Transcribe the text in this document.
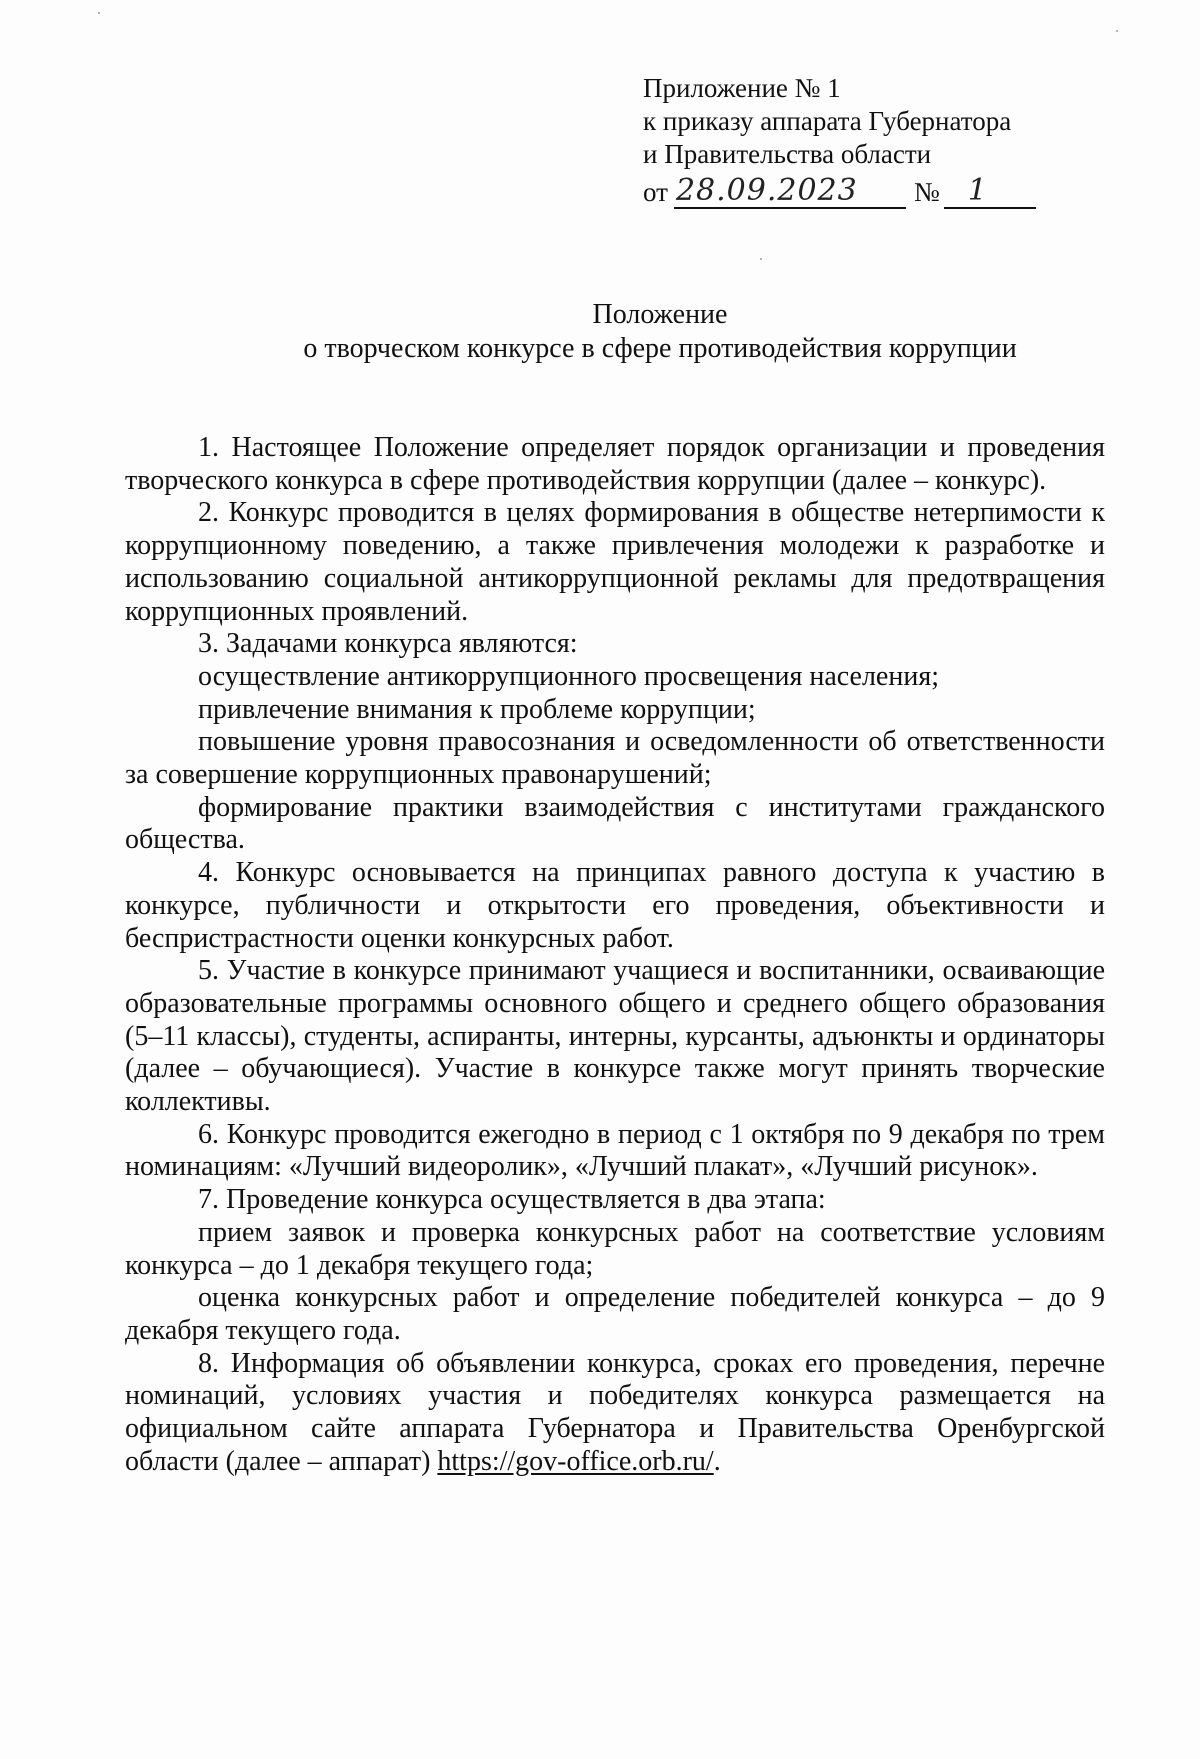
Приложение № 1
к приказу аппарата Губернатора
и Правительства области
от 28.09.2023 № 1
Положение
о творческом конкурсе в сфере противодействия коррупции

1. Настоящее Положение определяет порядок организации и проведения творческого конкурса в сфере противодействия коррупции (далее – конкурс).

2. Конкурс проводится в целях формирования в обществе нетерпимости к коррупционному поведению, а также привлечения молодежи к разработке и использованию социальной антикоррупционной рекламы для предотвращения коррупционных проявлений.

3. Задачами конкурса являются:

осуществление антикоррупционного просвещения населения;

привлечение внимания к проблеме коррупции;

повышение уровня правосознания и осведомленности об ответственности за совершение коррупционных правонарушений;

формирование практики взаимодействия с институтами гражданского общества.

4. Конкурс основывается на принципах равного доступа к участию в конкурсе, публичности и открытости его проведения, объективности и беспристрастности оценки конкурсных работ.

5. Участие в конкурсе принимают учащиеся и воспитанники, осваивающие образовательные программы основного общего и среднего общего образования (5–11 классы), студенты, аспиранты, интерны, курсанты, адъюнкты и ординаторы (далее – обучающиеся). Участие в конкурсе также могут принять творческие коллективы.

6. Конкурс проводится ежегодно в период с 1 октября по 9 декабря по трем номинациям: «Лучший видеоролик», «Лучший плакат», «Лучший рисунок».

7. Проведение конкурса осуществляется в два этапа:

прием заявок и проверка конкурсных работ на соответствие условиям конкурса – до 1 декабря текущего года;

оценка конкурсных работ и определение победителей конкурса – до 9 декабря текущего года.

8. Информация об объявлении конкурса, сроках его проведения, перечне номинаций, условиях участия и победителях конкурса размещается на официальном сайте аппарата Губернатора и Правительства Оренбургской области (далее – аппарат) https://gov-office.orb.ru/.
